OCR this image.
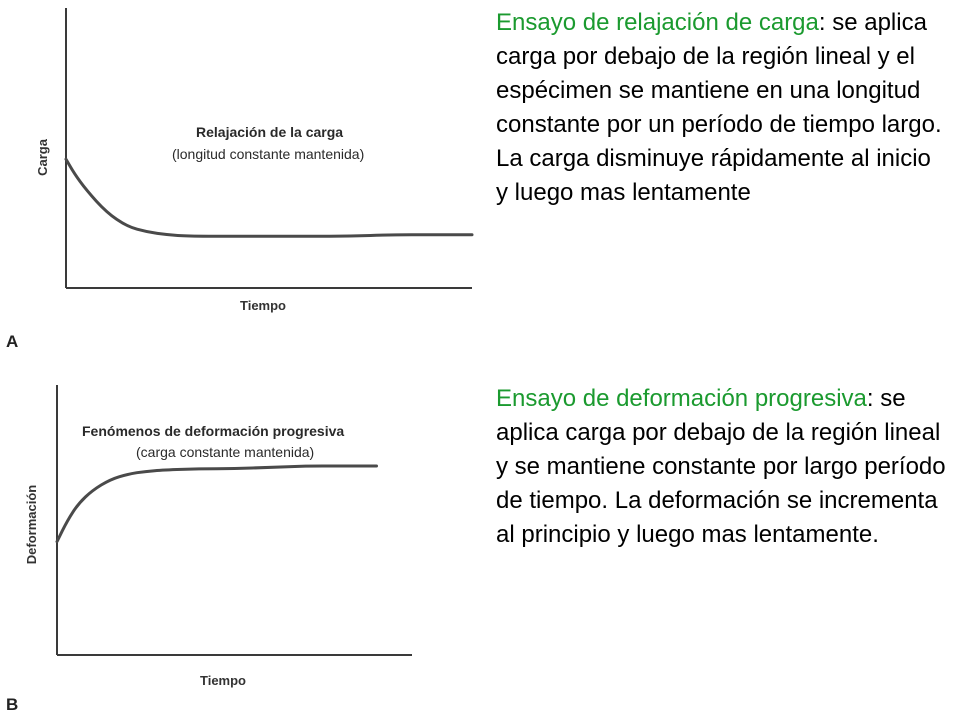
Relajación de la carga
(longitud constante mantenida)
Tiempo
Carga
A
Fenómenos de deformación progresiva
(carga constante mantenida)
Tiempo
Deformación
B
Ensayo de relajación de carga: se aplica carga por debajo de la región lineal y el espécimen se mantiene en una longitud constante por un período de tiempo largo. La carga disminuye rápidamente al inicio y luego mas lentamente
Ensayo de deformación progresiva: se aplica carga por debajo de la región lineal y se mantiene constante por largo período de tiempo. La deformación se incrementa al principio y luego mas lentamente.
